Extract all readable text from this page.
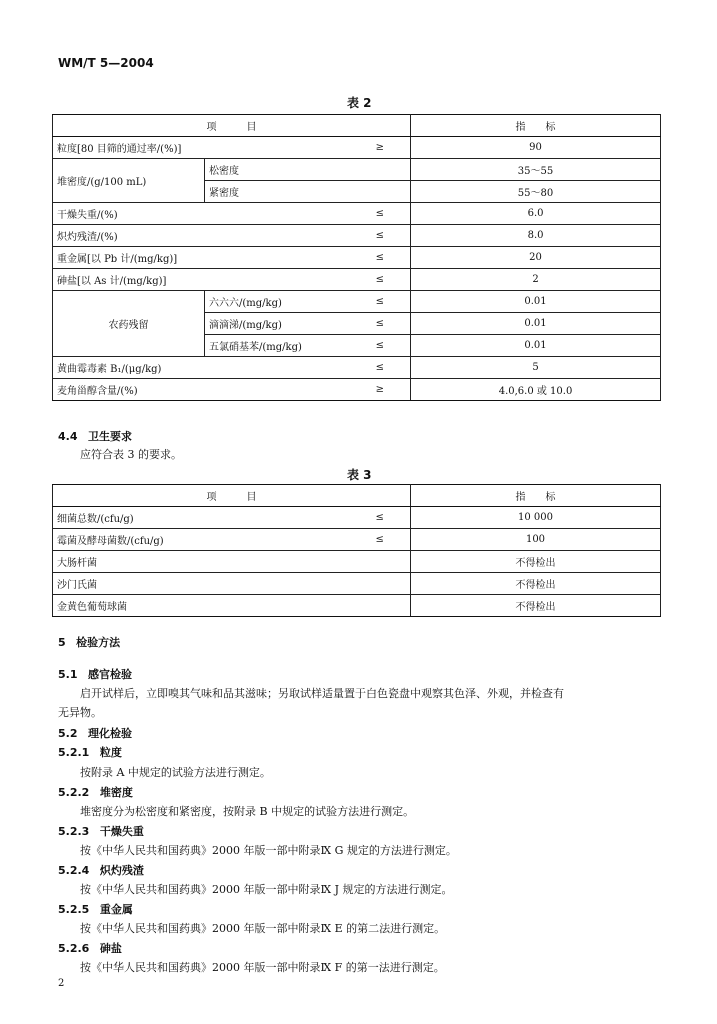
WM/T 5—2004
表 2
项　　　目			指　　标
粒度[80 目筛的通过率/(%)]		≥	90
堆密度/(g/100 mL)	松密度		35～55
	紧密度		55～80
干燥失重/(%)		≤	6.0
炽灼残渣/(%)		≤	8.0
重金属[以 Pb 计/(mg/kg)]		≤	20
砷盐[以 As 计/(mg/kg)]		≤	2
农药残留	六六六/(mg/kg)	≤	0.01
	滴滴涕/(mg/kg)	≤	0.01
	五氯硝基苯/(mg/kg)	≤	0.01
黄曲霉毒素 B₁/(μg/kg)		≤	5
麦角甾醇含量/(%)		≥	4.0,6.0 或 10.0
4.4 卫生要求
应符合表 3 的要求。
表 3
项　　　目		指　　标
细菌总数/(cfu/g)	≤	10 000
霉菌及酵母菌数/(cfu/g)	≤	100
大肠杆菌		不得检出
沙门氏菌		不得检出
金黄色葡萄球菌		不得检出
5 检验方法
5.1 感官检验
启开试样后，立即嗅其气味和品其滋味；另取试样适量置于白色瓷盘中观察其色泽、外观，并检查有
无异物。
5.2 理化检验
5.2.1 粒度
按附录 A 中规定的试验方法进行测定。
5.2.2 堆密度
堆密度分为松密度和紧密度，按附录 B 中规定的试验方法进行测定。
5.2.3 干燥失重
按《中华人民共和国药典》2000 年版一部中附录Ⅸ G 规定的方法进行测定。
5.2.4 炽灼残渣
按《中华人民共和国药典》2000 年版一部中附录Ⅸ J 规定的方法进行测定。
5.2.5 重金属
按《中华人民共和国药典》2000 年版一部中附录Ⅸ E 的第二法进行测定。
5.2.6 砷盐
按《中华人民共和国药典》2000 年版一部中附录Ⅸ F 的第一法进行测定。
2
